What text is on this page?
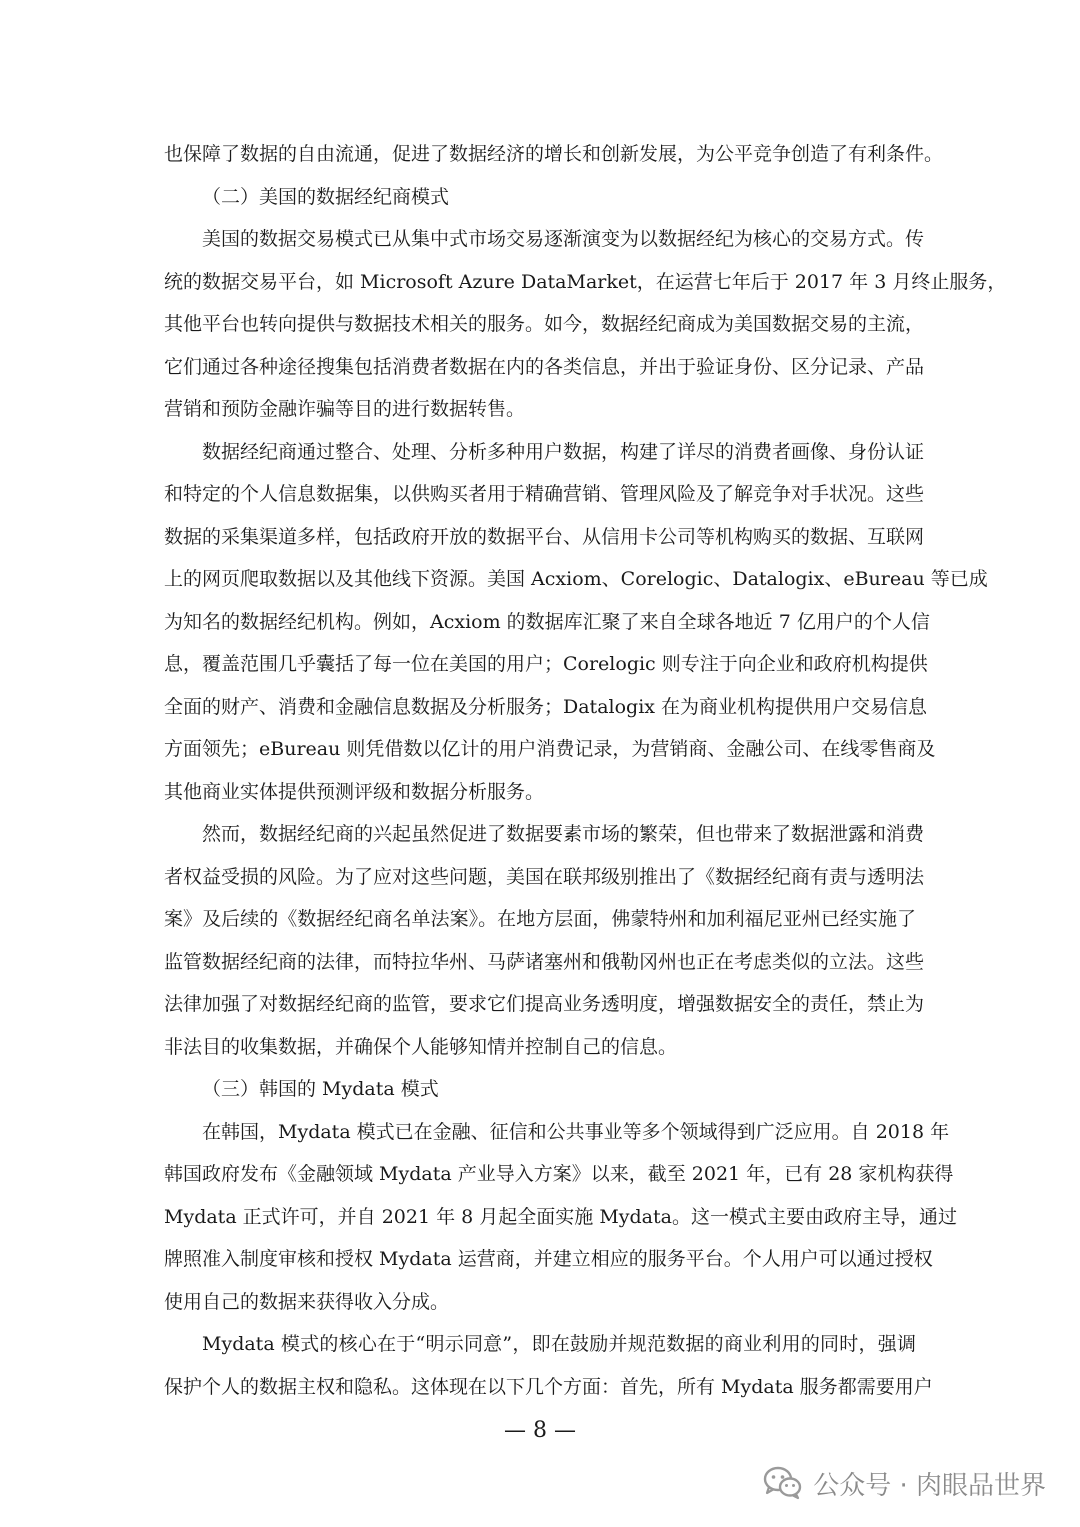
也保障了数据的自由流通，促进了数据经济的增长和创新发展，为公平竞争创造了有利条件。
（二）美国的数据经纪商模式
美国的数据交易模式已从集中式市场交易逐渐演变为以数据经纪为核心的交易方式。传
统的数据交易平台，如 Microsoft Azure DataMarket，在运营七年后于 2017 年 3 月终止服务，
其他平台也转向提供与数据技术相关的服务。如今，数据经纪商成为美国数据交易的主流，
它们通过各种途径搜集包括消费者数据在内的各类信息，并出于验证身份、区分记录、产品
营销和预防金融诈骗等目的进行数据转售。
数据经纪商通过整合、处理、分析多种用户数据，构建了详尽的消费者画像、身份认证
和特定的个人信息数据集，以供购买者用于精确营销、管理风险及了解竞争对手状况。这些
数据的采集渠道多样，包括政府开放的数据平台、从信用卡公司等机构购买的数据、互联网
上的网页爬取数据以及其他线下资源。美国 Acxiom、Corelogic、Datalogix、eBureau 等已成
为知名的数据经纪机构。例如，Acxiom 的数据库汇聚了来自全球各地近 7 亿用户的个人信
息，覆盖范围几乎囊括了每一位在美国的用户；Corelogic 则专注于向企业和政府机构提供
全面的财产、消费和金融信息数据及分析服务；Datalogix 在为商业机构提供用户交易信息
方面领先；eBureau 则凭借数以亿计的用户消费记录，为营销商、金融公司、在线零售商及
其他商业实体提供预测评级和数据分析服务。
然而，数据经纪商的兴起虽然促进了数据要素市场的繁荣，但也带来了数据泄露和消费
者权益受损的风险。为了应对这些问题，美国在联邦级别推出了《数据经纪商有责与透明法
案》及后续的《数据经纪商名单法案》。在地方层面，佛蒙特州和加利福尼亚州已经实施了
监管数据经纪商的法律，而特拉华州、马萨诸塞州和俄勒冈州也正在考虑类似的立法。这些
法律加强了对数据经纪商的监管，要求它们提高业务透明度，增强数据安全的责任，禁止为
非法目的收集数据，并确保个人能够知情并控制自己的信息。
（三）韩国的 Mydata 模式
在韩国，Mydata 模式已在金融、征信和公共事业等多个领域得到广泛应用。自 2018 年
韩国政府发布《金融领域 Mydata 产业导入方案》以来，截至 2021 年，已有 28 家机构获得
Mydata 正式许可，并自 2021 年 8 月起全面实施 Mydata。这一模式主要由政府主导，通过
牌照准入制度审核和授权 Mydata 运营商，并建立相应的服务平台。个人用户可以通过授权
使用自己的数据来获得收入分成。
Mydata 模式的核心在于“明示同意”，即在鼓励并规范数据的商业利用的同时，强调
保护个人的数据主权和隐私。这体现在以下几个方面：首先，所有 Mydata 服务都需要用户
— 8 —
公众号 · 肉眼品世界
